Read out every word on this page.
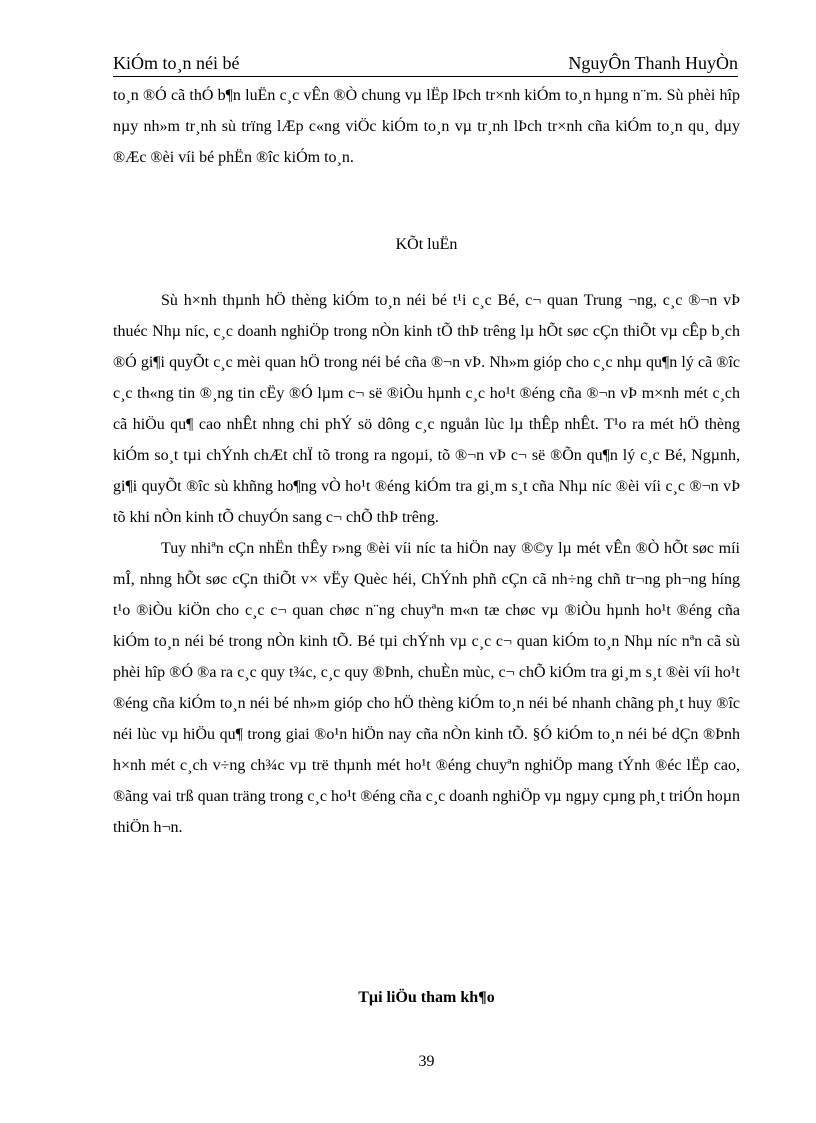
KiÓm to¸n néi bé	NguyÔn Thanh HuyÒn

to¸n ®Ó cã thÓ b¶n luËn c¸c vÊn ®Ò chung vµ lËp lÞch tr×nh kiÓm to¸n hµng n¨m. Sù phèi hîp nµy nh»m tr¸nh sù trïng lÆp c«ng viÖc kiÓm to¸n vµ tr¸nh lÞch tr×nh cña kiÓm to¸n qu¸ dµy ®Æc ®èi víi bé phËn ®îc kiÓm to¸n.

KÕt luËn

Sù h×nh thµnh hÖ thèng kiÓm to¸n néi bé t¹i c¸c Bé, c¬ quan Trung ¬ng, c¸c ®¬n vÞ thuéc Nhµ níc, c¸c doanh nghiÖp trong nÒn kinh tÕ thÞ trêng lµ hÕt søc cÇn thiÕt vµ cÊp b¸ch ®Ó gi¶i quyÕt c¸c mèi quan hÖ trong néi bé cña ®¬n vÞ. Nh»m gióp cho c¸c nhµ qu¶n lý cã ®îc c¸c th«ng tin ®¸ng tin cËy ®Ó lµm c¬ së ®iÒu hµnh c¸c ho¹t ®éng cña ®¬n vÞ m×nh mét c¸ch cã hiÖu qu¶ cao nhÊt nhng chi phÝ sö dông c¸c nguån lùc lµ thÊp nhÊt. T¹o ra mét hÖ thèng kiÓm so¸t tµi chÝnh chÆt chÏ tõ trong ra ngoµi, tõ ®¬n vÞ c¬ së ®Õn qu¶n lý c¸c Bé, Ngµnh, gi¶i quyÕt ®îc sù khñng ho¶ng vÒ ho¹t ®éng kiÓm tra gi¸m s¸t cña Nhµ níc ®èi víi c¸c ®¬n vÞ tõ khi nÒn kinh tÕ chuyÓn sang c¬ chÕ thÞ trêng.

Tuy nhiªn cÇn nhËn thÊy r»ng ®èi víi níc ta hiÖn nay ®©y lµ mét vÊn ®Ò hÕt søc míi mÎ, nhng hÕt søc cÇn thiÕt v× vËy Quèc héi, ChÝnh phñ cÇn cã nh÷ng chñ tr¬ng ph¬ng híng t¹o ®iÒu kiÖn cho c¸c c¬ quan chøc n¨ng chuyªn m«n tæ chøc vµ ®iÒu hµnh ho¹t ®éng cña kiÓm to¸n néi bé trong nÒn kinh tÕ. Bé tµi chÝnh vµ c¸c c¬ quan kiÓm to¸n Nhµ níc nªn cã sù phèi hîp ®Ó ®a ra c¸c quy t¾c, c¸c quy ®Þnh, chuÈn mùc, c¬ chÕ kiÓm tra gi¸m s¸t ®èi víi ho¹t ®éng cña kiÓm to¸n néi bé nh»m gióp cho hÖ thèng kiÓm to¸n néi bé nhanh chãng ph¸t huy ®îc néi lùc vµ hiÖu qu¶ trong giai ®o¹n hiÖn nay cña nÒn kinh tÕ. §Ó kiÓm to¸n néi bé dÇn ®Þnh h×nh mét c¸ch v÷ng ch¾c vµ trë thµnh mét ho¹t ®éng chuyªn nghiÖp mang tÝnh ®éc lËp cao, ®ãng vai trß quan träng trong c¸c ho¹t ®éng cña c¸c doanh nghiÖp vµ ngµy cµng ph¸t triÓn hoµn thiÖn h¬n.

Tµi liÖu tham kh¶o
39
